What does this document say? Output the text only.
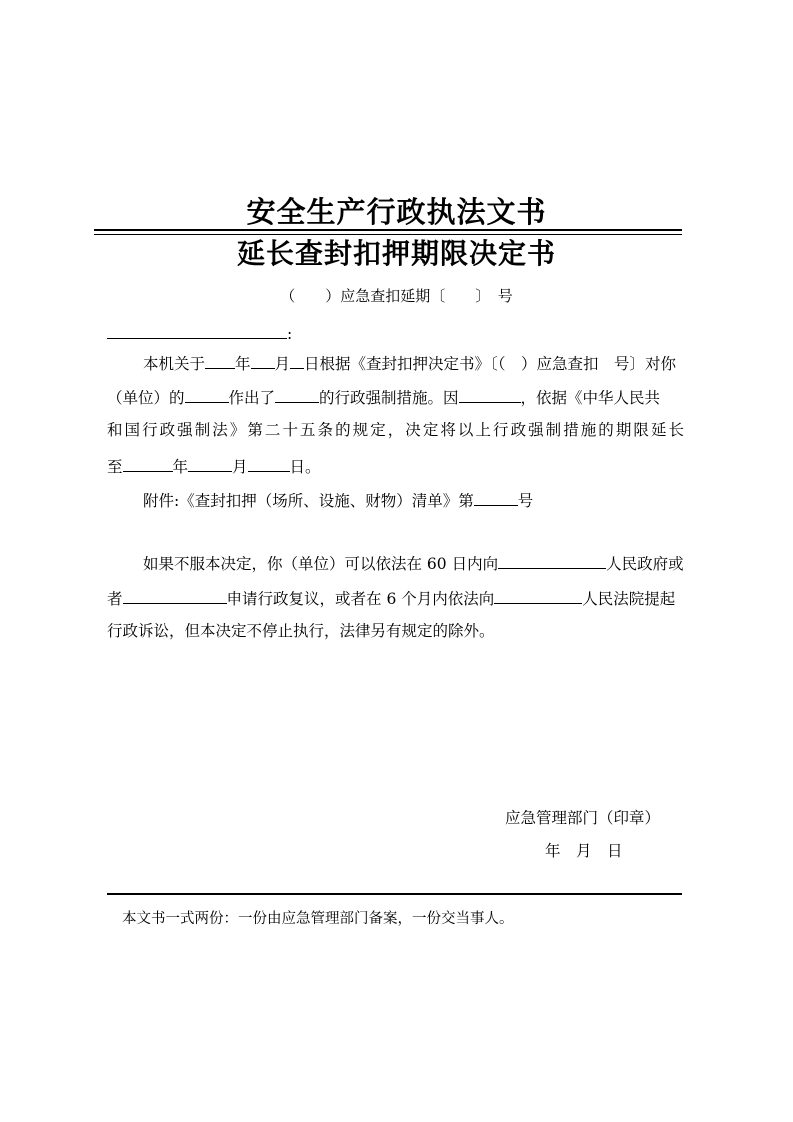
安全生产行政执法文书
延长查封扣押期限决定书
（　　）应急查扣延期〔　　〕　号
:
本机关于 年 月 日根据《查封扣押决定书》〔（　）应急查扣　号〕对你
（单位）的	作出了	的行政强制措施。因	，依据《中华人民共
和国行政强制法》第二十五条的规定，决定将以上行政强制措施的期限延长
至	年	月	日。
附件:《查封扣押（场所、设施、财物）清单》第	号
如果不服本决定，你（单位）可以依法在 60 日内向	人民政府或
者	申请行政复议，或者在 6 个月内依法向	人民法院提起
行政诉讼，但本决定不停止执行，法律另有规定的除外。
应急管理部门（印章）
年　月　日
本文书一式两份：一份由应急管理部门备案，一份交当事人。
